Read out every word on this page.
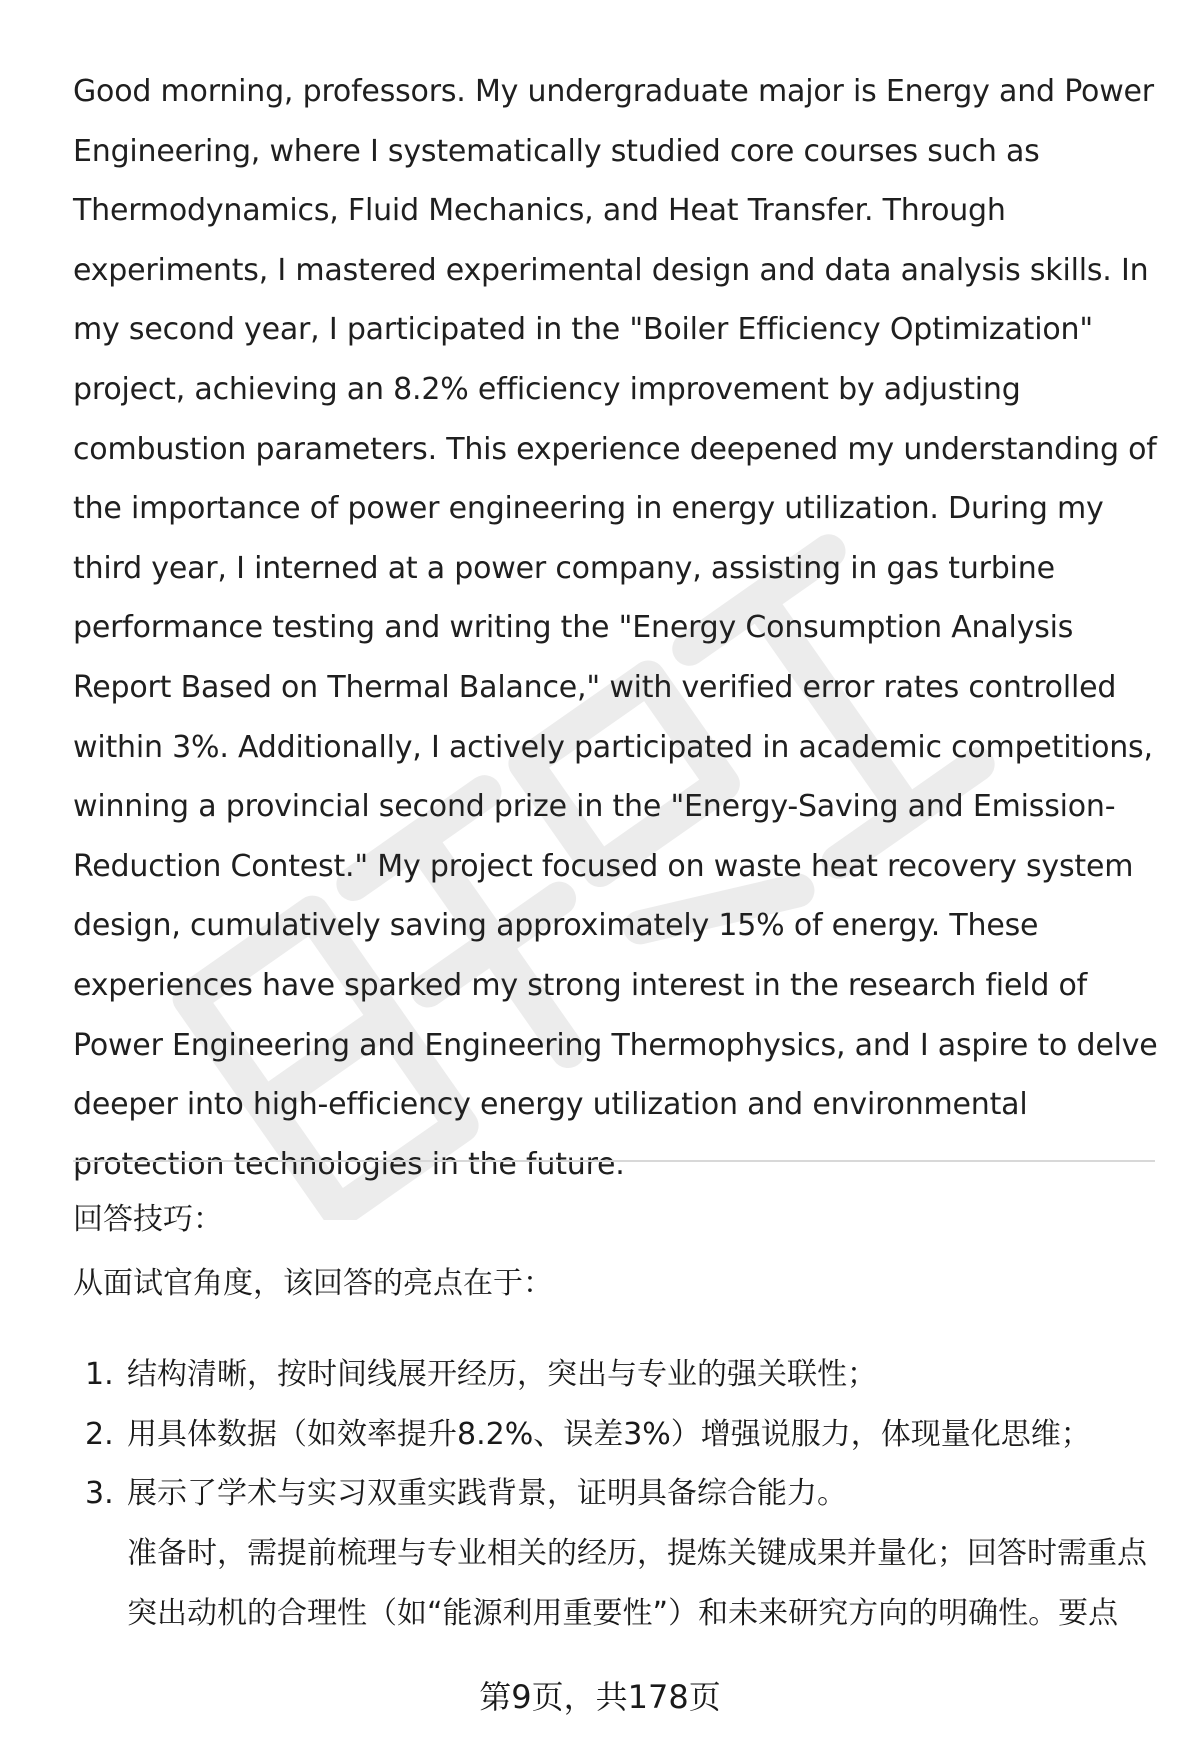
Good morning, professors. My undergraduate major is Energy and Power Engineering, where I systematically studied core courses such as Thermodynamics, Fluid Mechanics, and Heat Transfer. Through experiments, I mastered experimental design and data analysis skills. In my second year, I participated in the "Boiler Efficiency Optimization" project, achieving an 8.2% efficiency improvement by adjusting combustion parameters. This experience deepened my understanding of the importance of power engineering in energy utilization. During my third year, I interned at a power company, assisting in gas turbine performance testing and writing the "Energy Consumption Analysis Report Based on Thermal Balance," with verified error rates controlled within 3%. Additionally, I actively participated in academic competitions, winning a provincial second prize in the "Energy-Saving and Emission-Reduction Contest." My project focused on waste heat recovery system design, cumulatively saving approximately 15% of energy. These experiences have sparked my strong interest in the research field of Power Engineering and Engineering Thermophysics, and I aspire to delve deeper into high-efficiency energy utilization and environmental protection technologies in the future.

回答技巧：

从面试官角度，该回答的亮点在于：

1. 结构清晰，按时间线展开经历，突出与专业的强关联性；
2. 用具体数据（如效率提升8.2%、误差3%）增强说服力，体现量化思维；
3. 展示了学术与实习双重实践背景，证明具备综合能力。

准备时，需提前梳理与专业相关的经历，提炼关键成果并量化；回答时需重点突出动机的合理性（如“能源利用重要性”）和未来研究方向的明确性。要点

第9页，共178页
